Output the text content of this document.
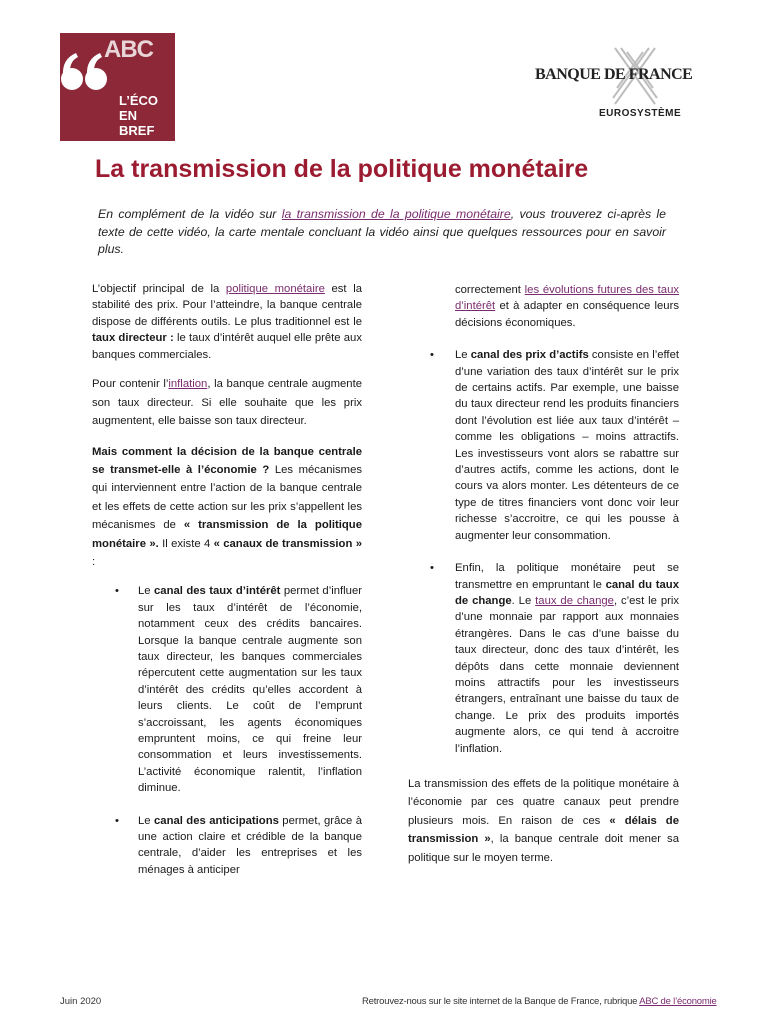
ABC
L’ÉCO
EN
BREF
BANQUE DE FRANCE
EUROSYSTÈME
La transmission de la politique monétaire
En complément de la vidéo sur la transmission de la politique monétaire, vous trouverez ci-après le texte de cette vidéo, la carte mentale concluant la vidéo ainsi que quelques ressources pour en savoir plus.

L’objectif principal de la politique monétaire est la stabilité des prix. Pour l’atteindre, la banque centrale dispose de différents outils. Le plus traditionnel est le taux directeur : le taux d’intérêt auquel elle prête aux banques commerciales.

Pour contenir l’inflation, la banque centrale augmente son taux directeur. Si elle souhaite que les prix augmentent, elle baisse son taux directeur.

Mais comment la décision de la banque centrale se transmet-elle à l’économie ? Les mécanismes qui interviennent entre l’action de la banque centrale et les effets de cette action sur les prix s’appellent les mécanismes de « transmission de la politique monétaire ». Il existe 4 « canaux de transmission » :

• Le canal des taux d’intérêt permet d’influer sur les taux d’intérêt de l’économie, notamment ceux des crédits bancaires. Lorsque la banque centrale augmente son taux directeur, les banques commerciales répercutent cette augmentation sur les taux d’intérêt des crédits qu’elles accordent à leurs clients. Le coût de l’emprunt s’accroissant, les agents économiques empruntent moins, ce qui freine leur consommation et leurs investissements. L’activité économique ralentit, l’inflation diminue.
• Le canal des anticipations permet, grâce à une action claire et crédible de la banque centrale, d’aider les entreprises et les ménages à anticiper
correctement les évolutions futures des taux d’intérêt et à adapter en conséquence leurs décisions économiques.
• Le canal des prix d’actifs consiste en l’effet d’une variation des taux d’intérêt sur le prix de certains actifs. Par exemple, une baisse du taux directeur rend les produits financiers dont l’évolution est liée aux taux d’intérêt – comme les obligations – moins attractifs. Les investisseurs vont alors se rabattre sur d’autres actifs, comme les actions, dont le cours va alors monter. Les détenteurs de ce type de titres financiers vont donc voir leur richesse s’accroitre, ce qui les pousse à augmenter leur consommation.
• Enfin, la politique monétaire peut se transmettre en empruntant le canal du taux de change. Le taux de change, c’est le prix d’une monnaie par rapport aux monnaies étrangères. Dans le cas d’une baisse du taux directeur, donc des taux d’intérêt, les dépôts dans cette monnaie deviennent moins attractifs pour les investisseurs étrangers, entraînant une baisse du taux de change. Le prix des produits importés augmente alors, ce qui tend à accroitre l’inflation.

La transmission des effets de la politique monétaire à l’économie par ces quatre canaux peut prendre plusieurs mois. En raison de ces « délais de transmission », la banque centrale doit mener sa politique sur le moyen terme.

Juin 2020	Retrouvez-nous sur le site internet de la Banque de France, rubrique ABC de l’économie
